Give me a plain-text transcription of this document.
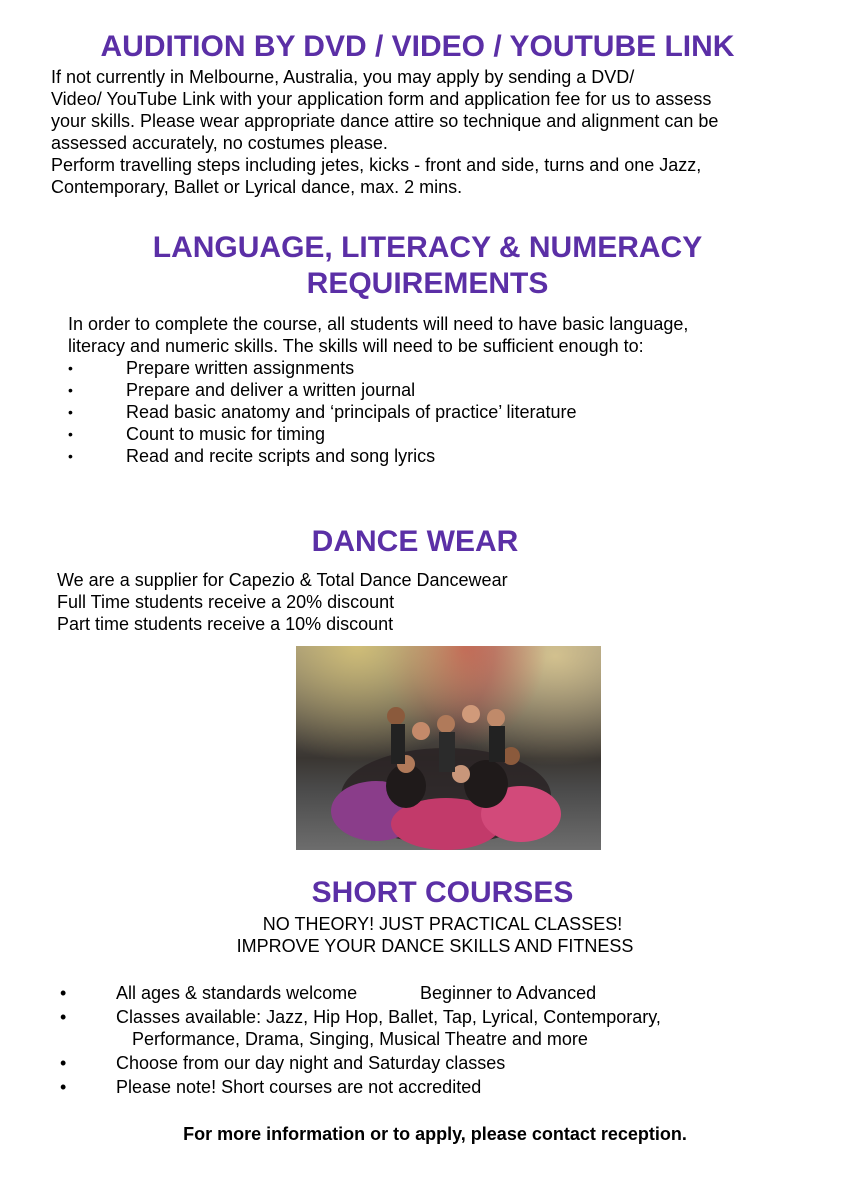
AUDITION BY DVD / VIDEO / YOUTUBE LINK

If not currently in Melbourne, Australia, you may apply by sending a DVD/

Video/ YouTube Link with your application form and application fee for us to assess

your skills. Please wear appropriate dance attire so technique and alignment can be

assessed accurately, no costumes please.

Perform travelling steps including jetes, kicks - front and side, turns and one Jazz,

Contemporary, Ballet or Lyrical dance, max. 2 mins.

LANGUAGE, LITERACY & NUMERACY
REQUIREMENTS

In order to complete the course, all students will need to have basic language,

literacy and numeric skills. The skills will need to be sufficient enough to:

•	Prepare written assignments
•	Prepare and deliver a written journal
•	Read basic anatomy and ‘principals of practice’ literature
•	Count to music for timing
•	Read and recite scripts and song lyrics
DANCE WEAR

We are a supplier for Capezio & Total Dance Dancewear

Full Time students receive a 20% discount

Part time students receive a 10% discount

SHORT COURSES
NO THEORY! JUST PRACTICAL CLASSES!
IMPROVE YOUR DANCE SKILLS AND FITNESS
•	All ages & standards welcome	Beginner to Advanced
•	Classes available: Jazz, Hip Hop, Ballet, Tap, Lyrical, Contemporary,
Performance, Drama, Singing, Musical Theatre and more
•	Choose from our day night and Saturday classes
•	Please note! Short courses are not accredited
For more information or to apply, please contact reception.
